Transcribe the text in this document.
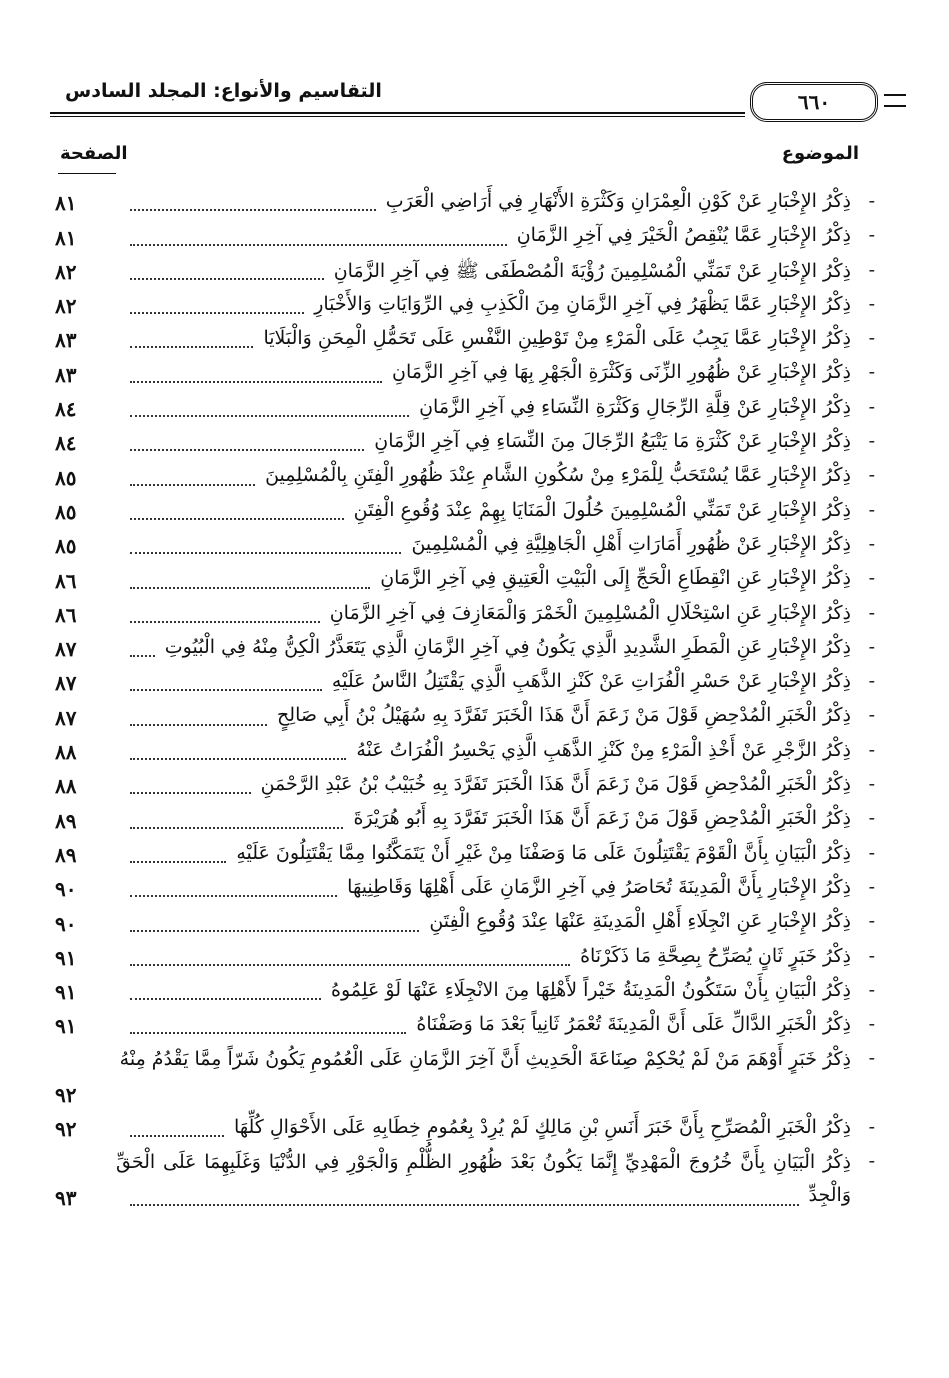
التقاسيم والأنواع: المجلد السادس	٦٦٠
الموضوع
الصفحة
-
ذِكْرُ الإِخْبَارِ عَنْ كَوْنِ الْعِمْرَانِ وَكَثْرَةِ الأَنْهَارِ فِي أَرَاضِي الْعَرَبِ
٨١
-
ذِكْرُ الإِخْبَارِ عَمَّا يُنْقِصُ الْخَيْرَ فِي آخِرِ الزَّمَانِ
٨١
-
ذِكْرُ الإِخْبَارِ عَنْ تَمَنِّي الْمُسْلِمِينَ رُؤْيَةَ الْمُصْطَفَى ﷺ فِي آخِرِ الزَّمَانِ
٨٢
-
ذِكْرُ الإِخْبَارِ عَمَّا يَظْهَرُ فِي آخِرِ الزَّمَانِ مِنَ الْكَذِبِ فِي الرِّوَايَاتِ وَالأَخْبَارِ
٨٢
-
ذِكْرُ الإِخْبَارِ عَمَّا يَجِبُ عَلَى الْمَرْءِ مِنْ تَوْطِينِ النَّفْسِ عَلَى تَحَمُّلِ الْمِحَنِ وَالْبَلَايَا
٨٣
-
ذِكْرُ الإِخْبَارِ عَنْ ظُهُورِ الزِّنَى وَكَثْرَةِ الْجَهْرِ بِهَا فِي آخِرِ الزَّمَانِ
٨٣
-
ذِكْرُ الإِخْبَارِ عَنْ قِلَّةِ الرِّجَالِ وَكَثْرَةِ النِّسَاءِ فِي آخِرِ الزَّمَانِ
٨٤
-
ذِكْرُ الإِخْبَارِ عَنْ كَثْرَةِ مَا يَتْبَعُ الرِّجَالَ مِنَ النِّسَاءِ فِي آخِرِ الزَّمَانِ
٨٤
-
ذِكْرُ الإِخْبَارِ عَمَّا يُسْتَحَبُّ لِلْمَرْءِ مِنْ سُكُونِ الشَّامِ عِنْدَ ظُهُورِ الْفِتَنِ بِالْمُسْلِمِينَ
٨٥
-
ذِكْرُ الإِخْبَارِ عَنْ تَمَنِّي الْمُسْلِمِينَ حُلُولَ الْمَنَايَا بِهِمْ عِنْدَ وُقُوعِ الْفِتَنِ
٨٥
-
ذِكْرُ الإِخْبَارِ عَنْ ظُهُورِ أَمَارَاتِ أَهْلِ الْجَاهِلِيَّةِ فِي الْمُسْلِمِينَ
٨٥
-
ذِكْرُ الإِخْبَارِ عَنِ انْقِطَاعِ الْحَجِّ إِلَى الْبَيْتِ الْعَتِيقِ فِي آخِرِ الزَّمَانِ
٨٦
-
ذِكْرُ الإِخْبَارِ عَنِ اسْتِحْلَالِ الْمُسْلِمِينَ الْخَمْرَ وَالْمَعَازِفَ فِي آخِرِ الزَّمَانِ
٨٦
-
ذِكْرُ الإِخْبَارِ عَنِ الْمَطَرِ الشَّدِيدِ الَّذِي يَكُونُ فِي آخِرِ الزَّمَانِ الَّذِي يَتَعَذَّرُ الْكِنُّ مِنْهُ فِي الْبُيُوتِ
٨٧
-
ذِكْرُ الإِخْبَارِ عَنْ حَسْرِ الْفُرَاتِ عَنْ كَنْزِ الذَّهَبِ الَّذِي يَقْتَتِلُ النَّاسُ عَلَيْهِ
٨٧
-
ذِكْرُ الْخَبَرِ الْمُدْحِضِ قَوْلَ مَنْ زَعَمَ أَنَّ هَذَا الْخَبَرَ تَفَرَّدَ بِهِ سُهَيْلُ بْنُ أَبِي صَالِحٍ
٨٧
-
ذِكْرُ الزَّجْرِ عَنْ أَخْذِ الْمَرْءِ مِنْ كَنْزِ الذَّهَبِ الَّذِي يَحْسِرُ الْفُرَاتُ عَنْهُ
٨٨
-
ذِكْرُ الْخَبَرِ الْمُدْحِضِ قَوْلَ مَنْ زَعَمَ أَنَّ هَذَا الْخَبَرَ تَفَرَّدَ بِهِ خُبَيْبُ بْنُ عَبْدِ الرَّحْمَنِ
٨٨
-
ذِكْرُ الْخَبَرِ الْمُدْحِضِ قَوْلَ مَنْ زَعَمَ أَنَّ هَذَا الْخَبَرَ تَفَرَّدَ بِهِ أَبُو هُرَيْرَةَ
٨٩
-
ذِكْرُ الْبَيَانِ بِأَنَّ الْقَوْمَ يَقْتَتِلُونَ عَلَى مَا وَصَفْنَا مِنْ غَيْرِ أَنْ يَتَمَكَّنُوا مِمَّا يَقْتَتِلُونَ عَلَيْهِ
٨٩
-
ذِكْرُ الإِخْبَارِ بِأَنَّ الْمَدِينَةَ تُحَاصَرُ فِي آخِرِ الزَّمَانِ عَلَى أَهْلِهَا وَقَاطِنِيهَا
٩٠
-
ذِكْرُ الإِخْبَارِ عَنِ انْجِلَاءِ أَهْلِ الْمَدِينَةِ عَنْهَا عِنْدَ وُقُوعِ الْفِتَنِ
٩٠
-
ذِكْرُ خَبَرٍ ثَانٍ يُصَرِّحُ بِصِحَّةِ مَا ذَكَرْنَاهُ
٩١
-
ذِكْرُ الْبَيَانِ بِأَنْ سَتَكُونُ الْمَدِينَةُ خَيْراً لأَهْلِهَا مِنَ الانْجِلَاءِ عَنْهَا لَوْ عَلِمُوهُ
٩١
-
ذِكْرُ الْخَبَرِ الدَّالِّ عَلَى أَنَّ الْمَدِينَةَ تُعْمَرُ ثَانِياً بَعْدَ مَا وَصَفْنَاهُ
٩١
-
ذِكْرُ خَبَرٍ أَوْهَمَ مَنْ لَمْ يُحْكِمْ صِنَاعَةَ الْحَدِيثِ أَنَّ آخِرَ الزَّمَانِ عَلَى الْعُمُومِ يَكُونُ شَرّاً مِمَّا يَقْدُمُ مِنْهُ
٩٢
-
ذِكْرُ الْخَبَرِ الْمُصَرِّحِ بِأَنَّ خَبَرَ أَنَسِ بْنِ مَالِكٍ لَمْ يُرِدْ بِعُمُومِ خِطَابِهِ عَلَى الأَحْوَالِ كُلِّهَا
٩٢
-
ذِكْرُ الْبَيَانِ بِأَنَّ خُرُوجَ الْمَهْدِيِّ إِنَّمَا يَكُونُ بَعْدَ ظُهُورِ الظُّلْمِ وَالْجَوْرِ فِي الدُّنْيَا وَغَلَبِهِمَا عَلَى الْحَقِّ وَالْجِدِّ
٩٣
